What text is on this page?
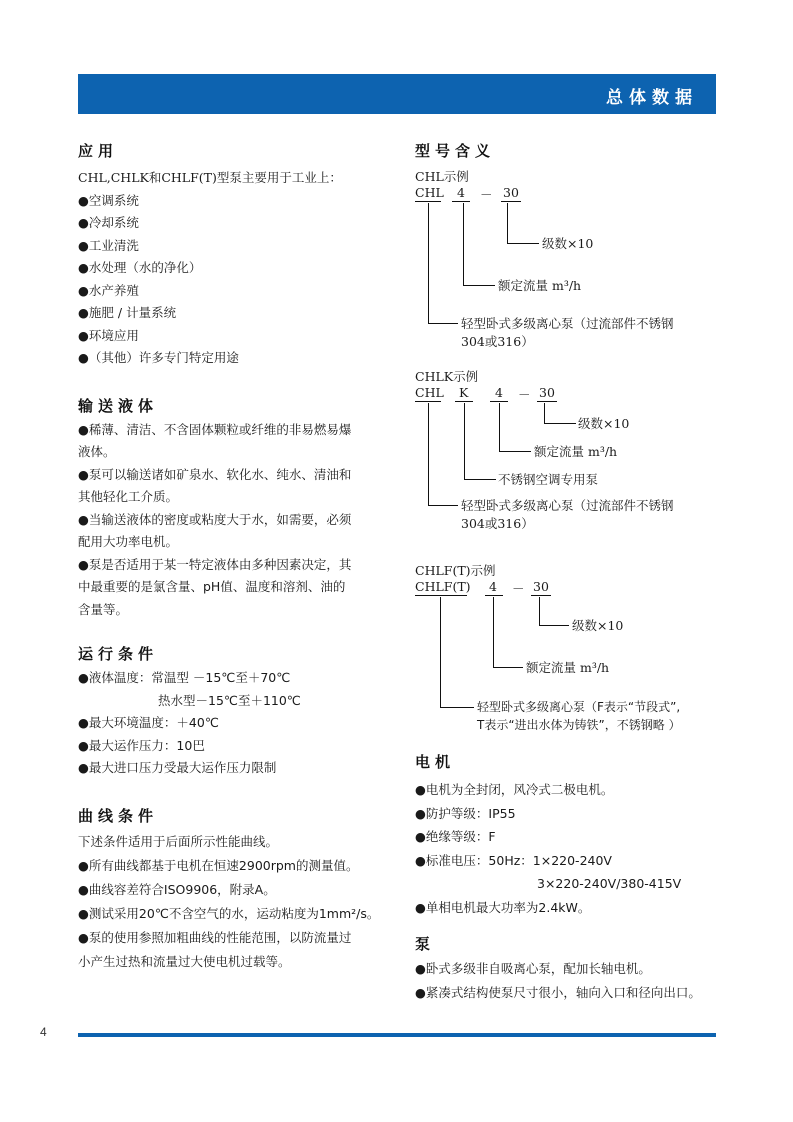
总体数据
应用
CHL,CHLK和CHLF(T)型泵主要用于工业上：
●空调系统
●冷却系统
●工业清洗
●水处理（水的净化）
●水产养殖
●施肥 / 计量系统
●环境应用
●（其他）许多专门特定用途
输送液体
●稀薄、清洁、不含固体颗粒或纤维的非易燃易爆
液体。
●泵可以输送诸如矿泉水、软化水、纯水、清油和
其他轻化工介质。
●当输送液体的密度或粘度大于水，如需要，必须
配用大功率电机。
●泵是否适用于某一特定液体由多种因素决定，其
中最重要的是氯含量、pH值、温度和溶剂、油的
含量等。
运行条件
●液体温度：常温型 －15℃至＋70℃
热水型－15℃至＋110℃
●最大环境温度：＋40℃
●最大运作压力：10巴
●最大进口压力受最大运作压力限制
曲线条件
下述条件适用于后面所示性能曲线。
●所有曲线都基于电机在恒速2900rpm的测量值。
●曲线容差符合ISO9906，附录A。
●测试采用20℃不含空气的水，运动粘度为1mm²/s。
●泵的使用参照加粗曲线的性能范围，以防流量过
小产生过热和流量过大使电机过载等。
型号含义
CHL示例
CHL 4 － 30
级数×10
额定流量 m³/h
轻型卧式多级离心泵（过流部件不锈钢
304或316）
CHLK示例
CHL K 4 － 30
级数×10
额定流量 m³/h
不锈钢空调专用泵
轻型卧式多级离心泵（过流部件不锈钢
304或316）
CHLF(T)示例
CHLF(T) 4 － 30
级数×10
额定流量 m³/h
轻型卧式多级离心泵（F表示“节段式”,
T表示“进出水体为铸铁”，不锈钢略 ）
电机
●电机为全封闭，风冷式二极电机。
●防护等级：IP55
●绝缘等级：F
●标准电压：50Hz：1×220-240V
3×220-240V/380-415V
●单相电机最大功率为2.4kW。
泵
●卧式多级非自吸离心泵，配加长轴电机。
●紧凑式结构使泵尺寸很小，轴向入口和径向出口。
4
